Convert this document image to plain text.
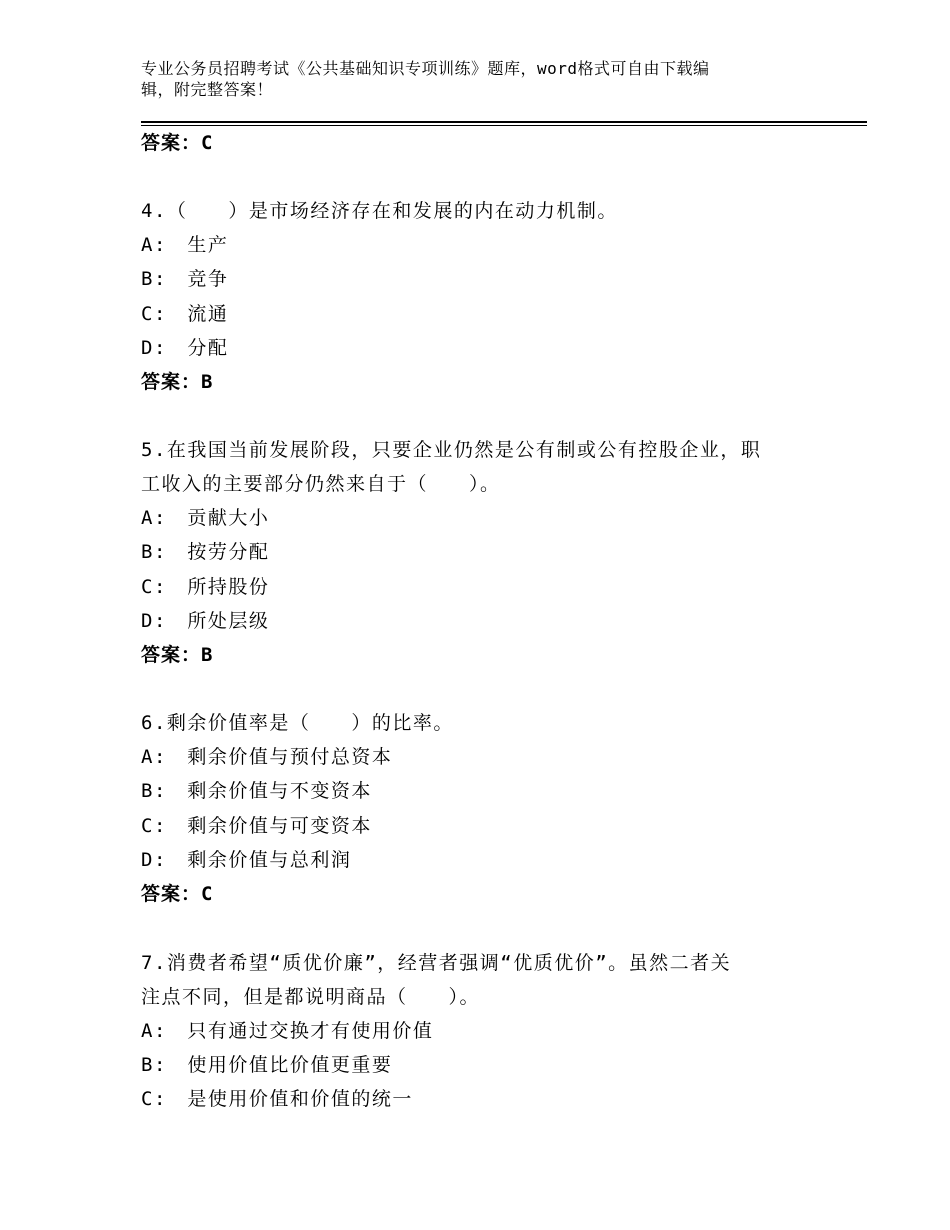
专业公务员招聘考试《公共基础知识专项训练》题库，word格式可自由下载编
辑，附完整答案！
答案：C
4.（　　）是市场经济存在和发展的内在动力机制。
A:　生产
B:　竞争
C:　流通
D:　分配
答案：B
5.在我国当前发展阶段，只要企业仍然是公有制或公有控股企业，职
工收入的主要部分仍然来自于（　　）。
A:　贡献大小
B:　按劳分配
C:　所持股份
D:　所处层级
答案：B
6.剩余价值率是（　　）的比率。
A:　剩余价值与预付总资本
B:　剩余价值与不变资本
C:　剩余价值与可变资本
D:　剩余价值与总利润
答案：C
7.消费者希望“质优价廉”，经营者强调“优质优价”。虽然二者关
注点不同，但是都说明商品（　　）。
A:　只有通过交换才有使用价值
B:　使用价值比价值更重要
C:　是使用价值和价值的统一
